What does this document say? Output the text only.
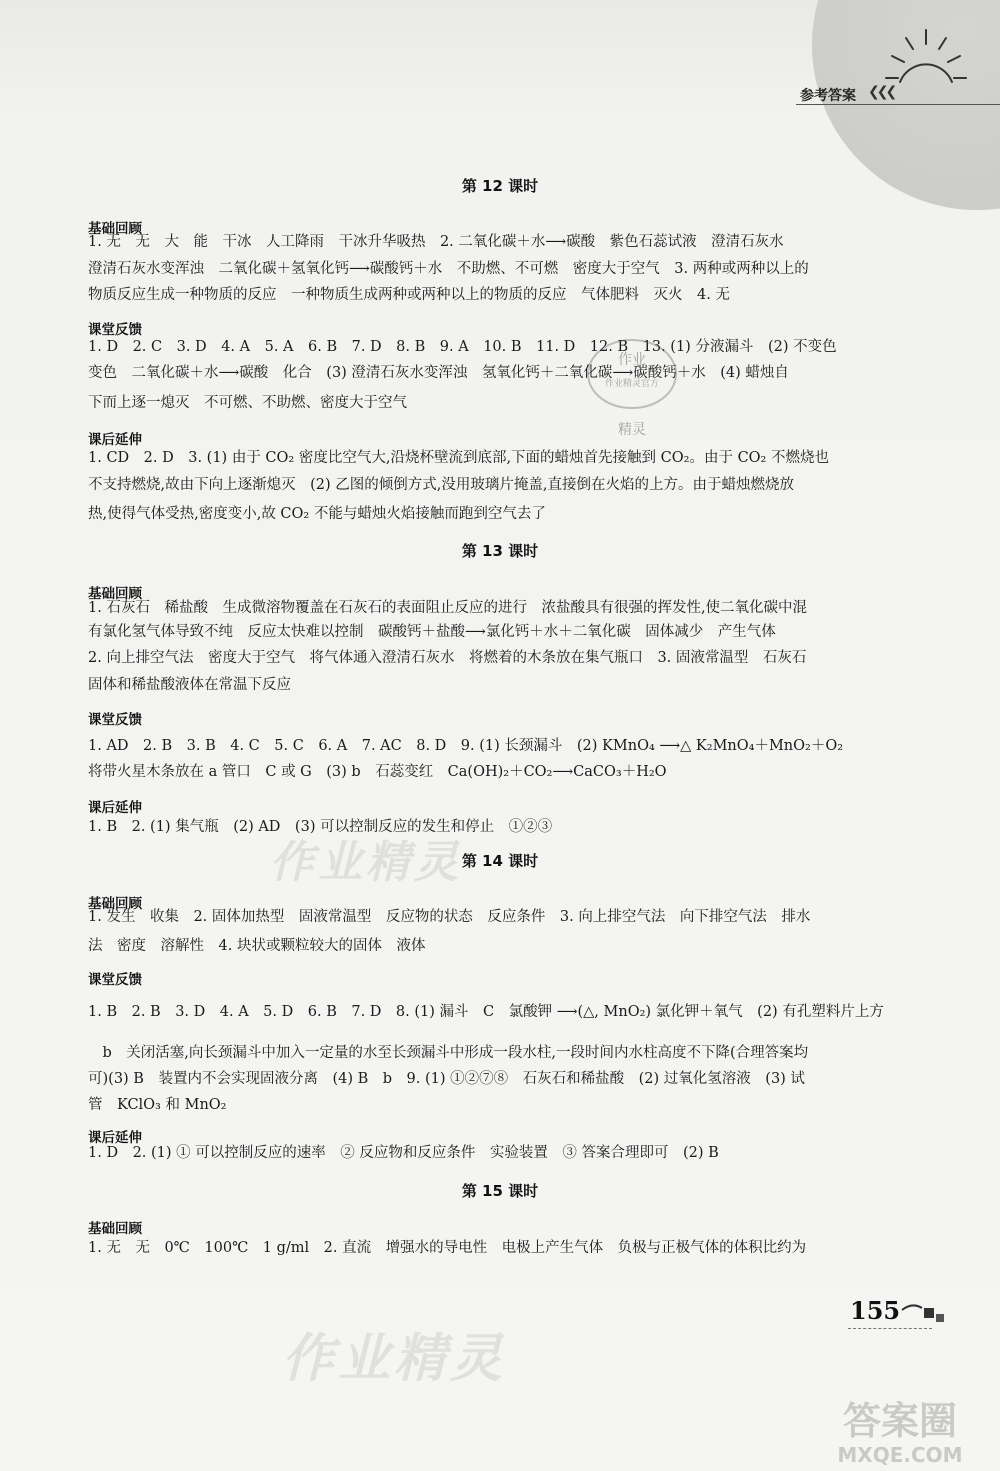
参考答案 ❮❮❮
第 12 课时
基础回顾
1. 无　无　大　能　干冰　人工降雨　干冰升华吸热　2. 二氧化碳＋水⟶碳酸　紫色石蕊试液　澄清石灰水
澄清石灰水变浑浊　二氧化碳＋氢氧化钙⟶碳酸钙＋水　不助燃、不可燃　密度大于空气　3. 两种或两种以上的
物质反应生成一种物质的反应　一种物质生成两种或两种以上的物质的反应　气体肥料　灭火　4. 无
课堂反馈
1. D　2. C　3. D　4. A　5. A　6. B　7. D　8. B　9. A　10. B　11. D　12. B　13. (1) 分液漏斗　(2) 不变色
变色　二氧化碳＋水⟶碳酸　化合　(3) 澄清石灰水变浑浊　氢氧化钙＋二氧化碳⟶碳酸钙＋水　(4) 蜡烛自
下而上逐一熄灭　不可燃、不助燃、密度大于空气
课后延伸
1. CD　2. D　3. (1) 由于 CO₂ 密度比空气大,沿烧杯壁流到底部,下面的蜡烛首先接触到 CO₂。由于 CO₂ 不燃烧也
不支持燃烧,故由下向上逐渐熄灭　(2) 乙图的倾倒方式,没用玻璃片掩盖,直接倒在火焰的上方。由于蜡烛燃烧放
热,使得气体受热,密度变小,故 CO₂ 不能与蜡烛火焰接触而跑到空气去了
第 13 课时
基础回顾
1. 石灰石　稀盐酸　生成微溶物覆盖在石灰石的表面阻止反应的进行　浓盐酸具有很强的挥发性,使二氧化碳中混
有氯化氢气体导致不纯　反应太快难以控制　碳酸钙＋盐酸⟶氯化钙＋水＋二氧化碳　固体减少　产生气体
2. 向上排空气法　密度大于空气　将气体通入澄清石灰水　将燃着的木条放在集气瓶口　3. 固液常温型　石灰石
固体和稀盐酸液体在常温下反应
课堂反馈
1. AD　2. B　3. B　4. C　5. C　6. A　7. AC　8. D　9. (1) 长颈漏斗　(2) KMnO₄ ⟶△ K₂MnO₄＋MnO₂＋O₂
将带火星木条放在 a 管口　C 或 G　(3) b　石蕊变红　Ca(OH)₂＋CO₂⟶CaCO₃＋H₂O
课后延伸
1. B　2. (1) 集气瓶　(2) AD　(3) 可以控制反应的发生和停止　①②③
第 14 课时
基础回顾
1. 发生　收集　2. 固体加热型　固液常温型　反应物的状态　反应条件　3. 向上排空气法　向下排空气法　排水
法　密度　溶解性　4. 块状或颗粒较大的固体　液体
课堂反馈
1. B　2. B　3. D　4. A　5. D　6. B　7. D　8. (1) 漏斗　C　氯酸钾 ⟶(△, MnO₂) 氯化钾＋氧气　(2) 有孔塑料片上方
　b　关闭活塞,向长颈漏斗中加入一定量的水至长颈漏斗中形成一段水柱,一段时间内水柱高度不下降(合理答案均
可)(3) B　装置内不会实现固液分离　(4) B　b　9. (1) ①②⑦⑧　石灰石和稀盐酸　(2) 过氧化氢溶液　(3) 试
管　KClO₃ 和 MnO₂
课后延伸
1. D　2. (1) ① 可以控制反应的速率　② 反应物和反应条件　实验装置　③ 答案合理即可　(2) B
第 15 课时
基础回顾
1. 无　无　0℃　100℃　1 g/ml　2. 直流　增强水的导电性　电极上产生气体　负极与正极气体的体积比约为
155
作业精灵
作业精灵
作业
作业精灵官方
精灵
答案圈
MXQE.COM
